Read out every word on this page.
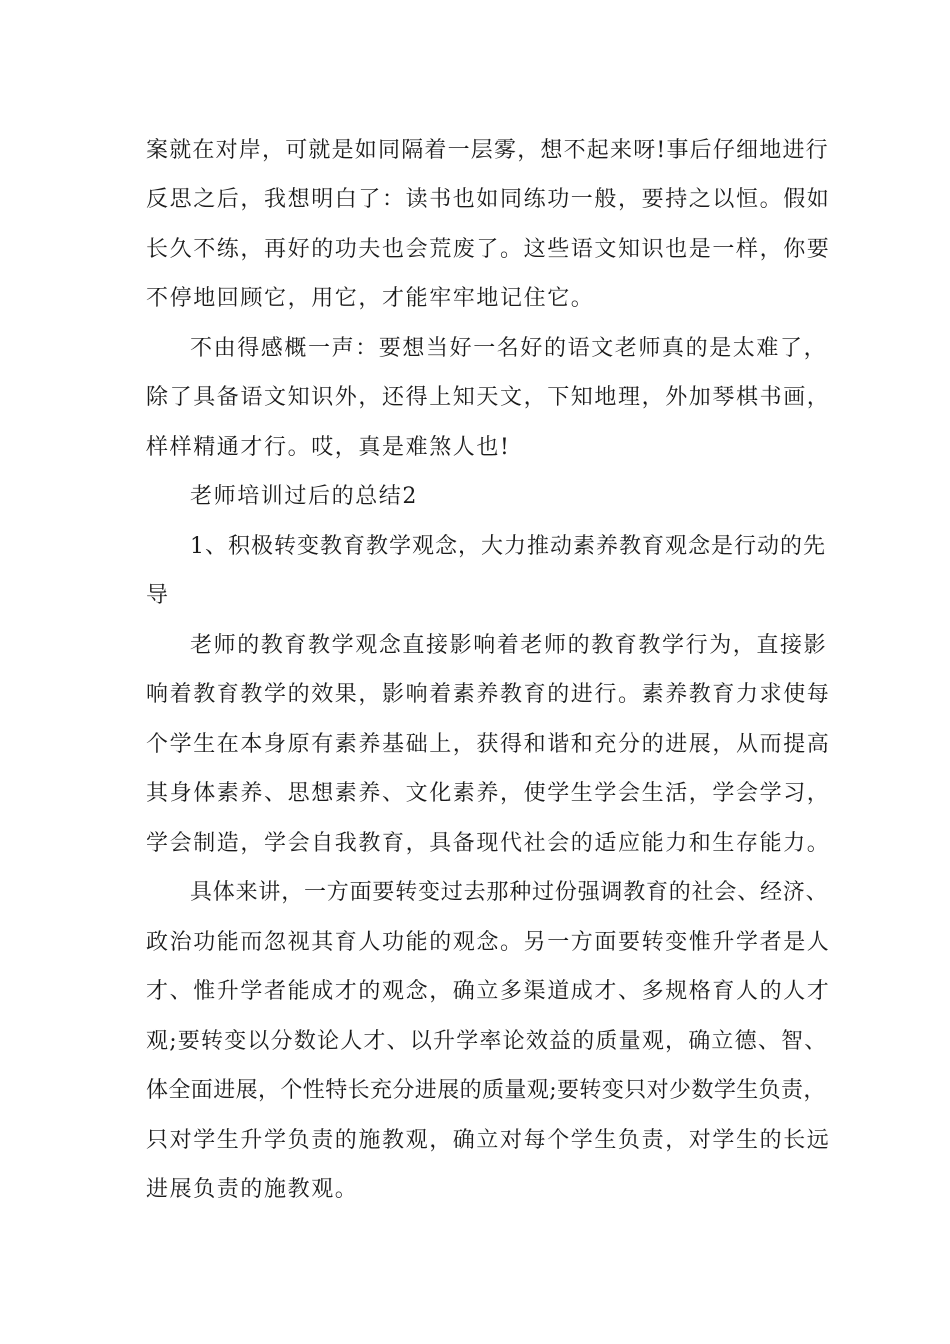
案就在对岸，可就是如同隔着一层雾，想不起来呀!事后仔细地进行
反思之后，我想明白了：读书也如同练功一般，要持之以恒。假如
长久不练，再好的功夫也会荒废了。这些语文知识也是一样，你要
不停地回顾它，用它，才能牢牢地记住它。
不由得感概一声：要想当好一名好的语文老师真的是太难了，
除了具备语文知识外，还得上知天文，下知地理，外加琴棋书画，
样样精通才行。哎，真是难煞人也!
老师培训过后的总结2
1、积极转变教育教学观念，大力推动素养教育观念是行动的先
导
老师的教育教学观念直接影响着老师的教育教学行为，直接影
响着教育教学的效果，影响着素养教育的进行。素养教育力求使每
个学生在本身原有素养基础上，获得和谐和充分的进展，从而提高
其身体素养、思想素养、文化素养，使学生学会生活，学会学习，
学会制造，学会自我教育，具备现代社会的适应能力和生存能力。
具体来讲，一方面要转变过去那种过份强调教育的社会、经济、
政治功能而忽视其育人功能的观念。另一方面要转变惟升学者是人
才、惟升学者能成才的观念，确立多渠道成才、多规格育人的人才
观;要转变以分数论人才、以升学率论效益的质量观，确立德、智、
体全面进展，个性特长充分进展的质量观;要转变只对少数学生负责，
只对学生升学负责的施教观，确立对每个学生负责，对学生的长远
进展负责的施教观。
